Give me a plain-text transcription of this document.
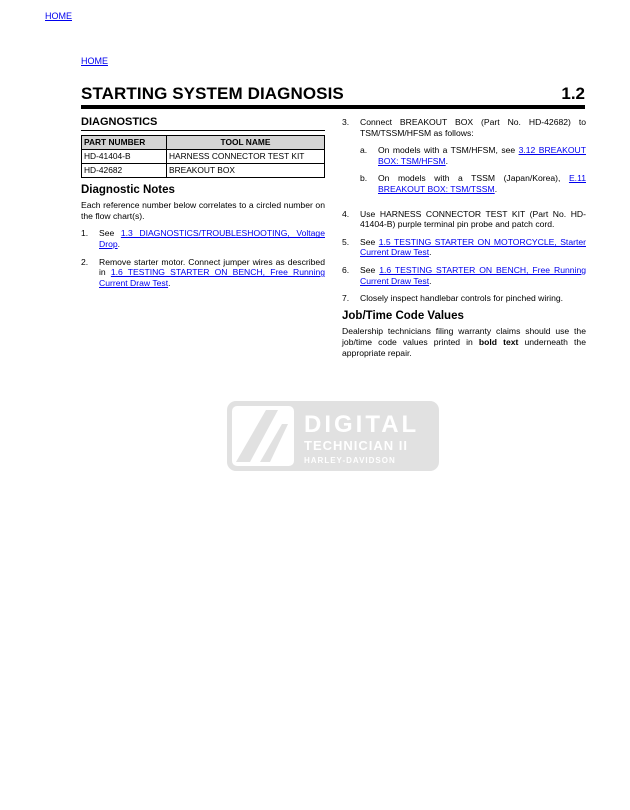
HOME
HOME
STARTING SYSTEM DIAGNOSIS	1.2
DIAGNOSTICS
PART NUMBER	TOOL NAME
HD-41404-B	HARNESS CONNECTOR TEST KIT
HD-42682	BREAKOUT BOX
Diagnostic Notes

Each reference number below correlates to a circled number on the flow chart(s).

1.	See 1.3 DIAGNOSTICS/TROUBLESHOOTING, Voltage Drop.
2.	Remove starter motor. Connect jumper wires as described in 1.6 TESTING STARTER ON BENCH, Free Running Current Draw Test.
3.	Connect BREAKOUT BOX (Part No. HD-42682) to TSM/TSSM/HFSM as follows:
a.	On models with a TSM/HFSM, see 3.12 BREAKOUT BOX: TSM/HFSM.
b.	On models with a TSSM (Japan/Korea), E.11 BREAKOUT BOX: TSM/TSSM.
4.	Use HARNESS CONNECTOR TEST KIT (Part No. HD-41404-B) purple terminal pin probe and patch cord.
5.	See 1.5 TESTING STARTER ON MOTORCYCLE, Starter Current Draw Test.
6.	See 1.6 TESTING STARTER ON BENCH, Free Running Current Draw Test.
7.	Closely inspect handlebar controls for pinched wiring.
Job/Time Code Values

Dealership technicians filing warranty claims should use the job/time code values printed in bold text underneath the appropriate repair.

DIGITAL
TECHNICIAN II
HARLEY-DAVIDSON
